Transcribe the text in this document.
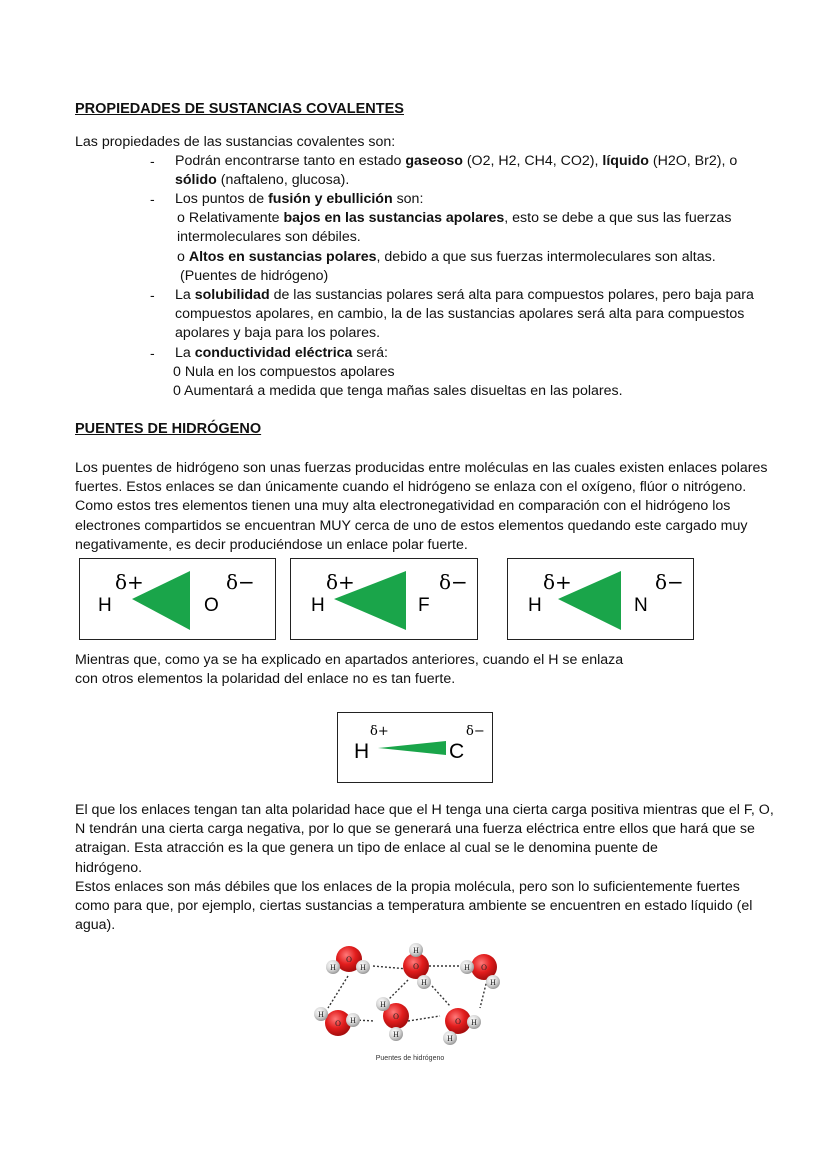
PROPIEDADES DE SUSTANCIAS COVALENTES
Las propiedades de las sustancias covalentes son:
- Podrán encontrarse tanto en estado gaseoso (O2, H2, CH4, CO2), líquido (H2O, Br2), o
sólido (naftaleno, glucosa).
- Los puntos de fusión y ebullición son:
o Relativamente bajos en las sustancias apolares, esto se debe a que sus las fuerzas
intermoleculares son débiles.
o Altos en sustancias polares, debido a que sus fuerzas intermoleculares son altas.
(Puentes de hidrógeno)
- La solubilidad de las sustancias polares será alta para compuestos polares, pero baja para
compuestos apolares, en cambio, la de las sustancias apolares será alta para compuestos
apolares y baja para los polares.
- La conductividad eléctrica será:
0 Nula en los compuestos apolares
0 Aumentará a medida que tenga mañas sales disueltas en las polares.
PUENTES DE HIDRÓGENO
Los puentes de hidrógeno son unas fuerzas producidas entre moléculas en las cuales existen enlaces polares
fuertes. Estos enlaces se dan únicamente cuando el hidrógeno se enlaza con el oxígeno, flúor o nitrógeno.
Como estos tres elementos tienen una muy alta electronegatividad en comparación con el hidrógeno los
electrones compartidos se encuentran MUY cerca de uno de estos elementos quedando este cargado muy
negativamente, es decir produciéndose un enlace polar fuerte.
H
δ+
O
δ−
H
δ+
F
δ−
H
δ+
N
δ−
Mientras que, como ya se ha explicado en apartados anteriores, cuando el H se enlaza
con otros elementos la polaridad del enlace no es tan fuerte.
H
δ+
C
δ−
El que los enlaces tengan tan alta polaridad hace que el H tenga una cierta carga positiva mientras que el F, O,
N tendrán una cierta carga negativa, por lo que se generará una fuerza eléctrica entre ellos que hará que se
atraigan. Esta atracción es la que genera un tipo de enlace al cual se le denomina puente de
hidrógeno.
Estos enlaces son más débiles que los enlaces de la propia molécula, pero son lo suficientemente fuertes
como para que, por ejemplo, ciertas sustancias a temperatura ambiente se encuentren en estado líquido (el
agua).
O
H	H	O
H
H
O
H
H
O
H
H	O
H
H
O H
H
Puentes de hidrógeno
